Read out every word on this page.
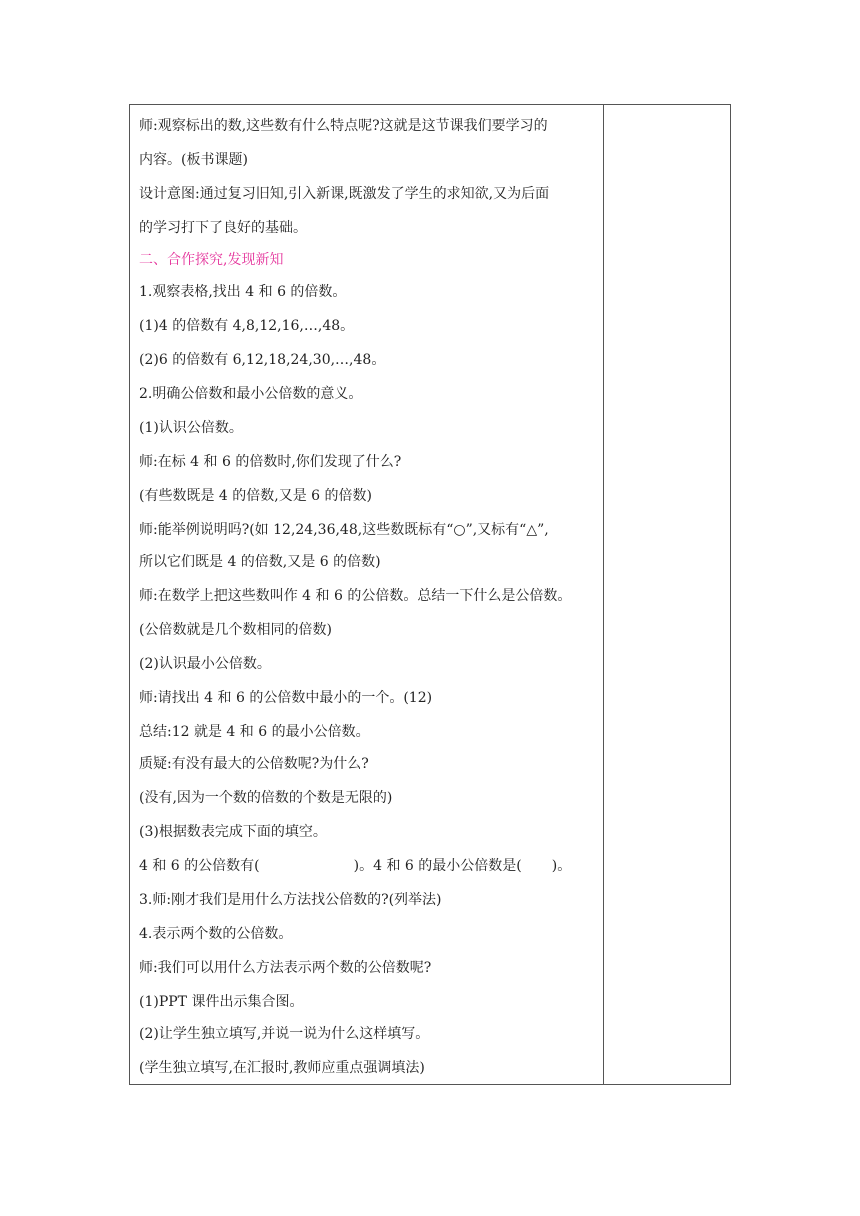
师:观察标出的数,这些数有什么特点呢?这就是这节课我们要学习的
内容。(板书课题)
设计意图:通过复习旧知,引入新课,既激发了学生的求知欲,又为后面
的学习打下了良好的基础。
二、合作探究,发现新知
1.观察表格,找出 4 和 6 的倍数。
(1)4 的倍数有 4,8,12,16,…,48。
(2)6 的倍数有 6,12,18,24,30,…,48。
2.明确公倍数和最小公倍数的意义。
(1)认识公倍数。
师:在标 4 和 6 的倍数时,你们发现了什么?
(有些数既是 4 的倍数,又是 6 的倍数)
师:能举例说明吗?(如 12,24,36,48,这些数既标有“○”,又标有“△”,
所以它们既是 4 的倍数,又是 6 的倍数)
师:在数学上把这些数叫作 4 和 6 的公倍数。总结一下什么是公倍数。
(公倍数就是几个数相同的倍数)
(2)认识最小公倍数。
师:请找出 4 和 6 的公倍数中最小的一个。(12)
总结:12 就是 4 和 6 的最小公倍数。
质疑:有没有最大的公倍数呢?为什么?
(没有,因为一个数的倍数的个数是无限的)
(3)根据数表完成下面的填空。
4 和 6 的公倍数有(	)。4 和 6 的最小公倍数是( )。
3.师:刚才我们是用什么方法找公倍数的?(列举法)
4.表示两个数的公倍数。
师:我们可以用什么方法表示两个数的公倍数呢?
(1)PPT 课件出示集合图。
(2)让学生独立填写,并说一说为什么这样填写。
(学生独立填写,在汇报时,教师应重点强调填法)
